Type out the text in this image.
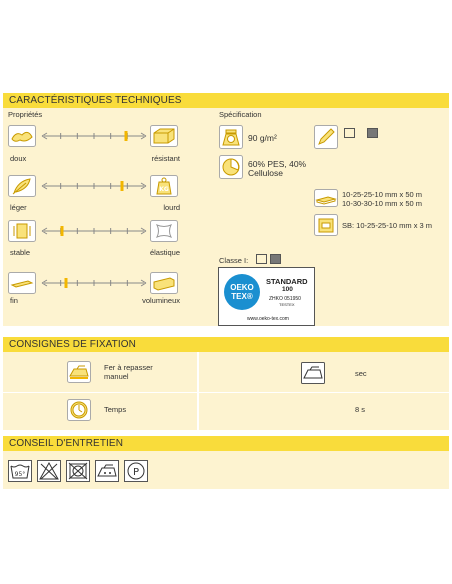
CARACTÉRISTIQUES TECHNIQUES
Propriétés	Spécification
doux	résistant
léger	lourd
stable	élastique
fin	volumineux
KG
90 g/m²
60% PES, 40%
Cellulose
10-25-25-10 mm x 50 m
10-30-30-10 mm x 50 m
SB: 10-25-25-10 mm x 3 m
Classe I:
OEKO
TEX®
STANDARD
100
ZHKO 051950
TESTEX
www.oeko-tex.com
CONSIGNES DE FIXATION
Fer à repasser
manuel	sec
Temps	8 s
CONSEIL D'ENTRETIEN
95°	P
